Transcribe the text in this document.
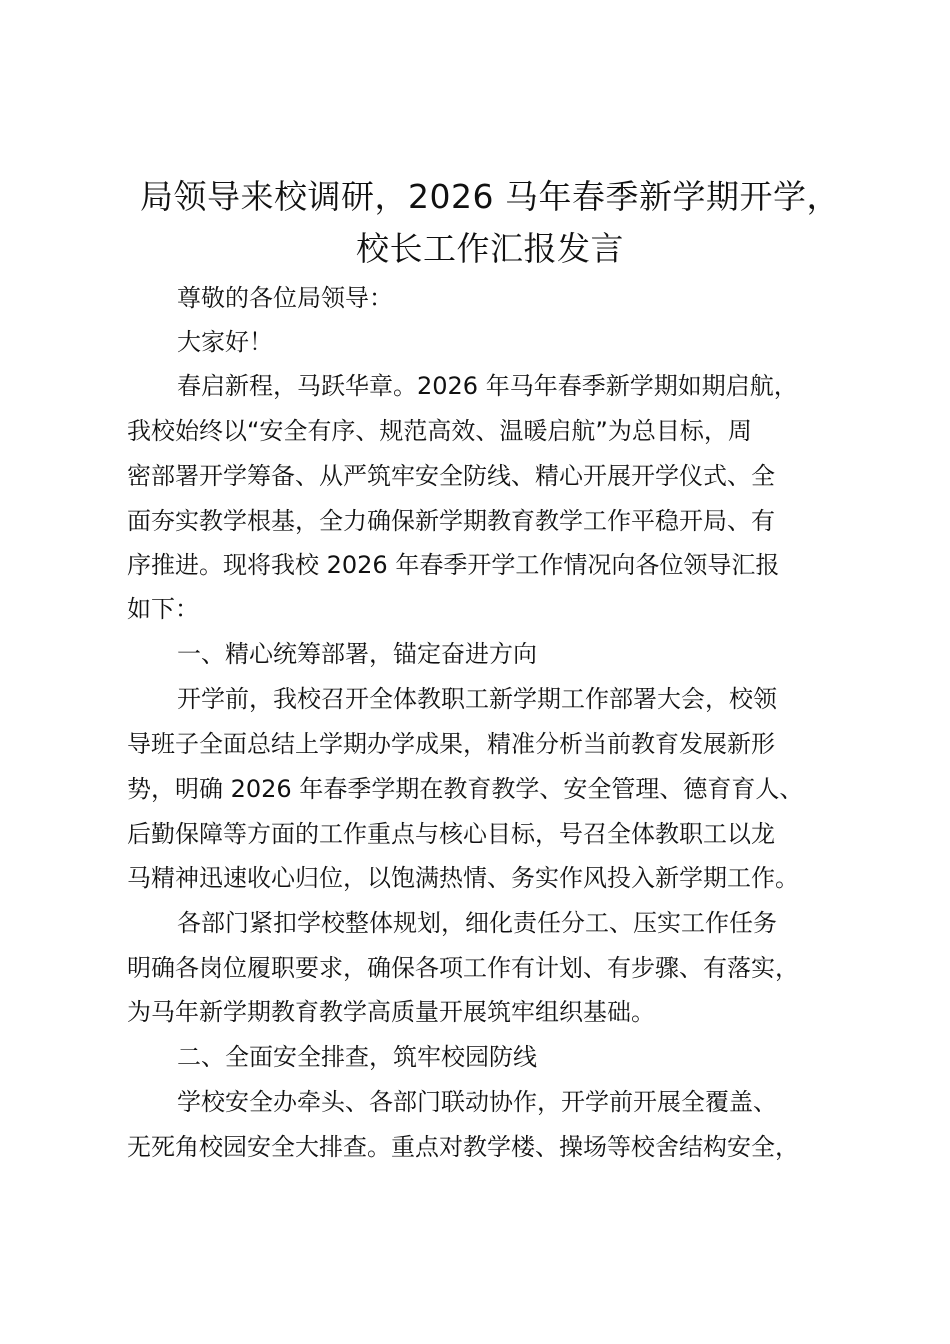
局领导来校调研，2026 马年春季新学期开学，
校长工作汇报发言

尊敬的各位局领导：

大家好！

春启新程，马跃华章。2026 年马年春季新学期如期启航，

我校始终以“安全有序、规范高效、温暖启航”为总目标，周

密部署开学筹备、从严筑牢安全防线、精心开展开学仪式、全

面夯实教学根基，全力确保新学期教育教学工作平稳开局、有

序推进。现将我校 2026 年春季开学工作情况向各位领导汇报

如下：

一、精心统筹部署，锚定奋进方向

开学前，我校召开全体教职工新学期工作部署大会，校领

导班子全面总结上学期办学成果，精准分析当前教育发展新形

势，明确 2026 年春季学期在教育教学、安全管理、德育育人、

后勤保障等方面的工作重点与核心目标，号召全体教职工以龙

马精神迅速收心归位，以饱满热情、务实作风投入新学期工作。

各部门紧扣学校整体规划，细化责任分工、压实工作任务

明确各岗位履职要求，确保各项工作有计划、有步骤、有落实，

为马年新学期教育教学高质量开展筑牢组织基础。

二、全面安全排查，筑牢校园防线

学校安全办牵头、各部门联动协作，开学前开展全覆盖、

无死角校园安全大排查。重点对教学楼、操场等校舍结构安全，
